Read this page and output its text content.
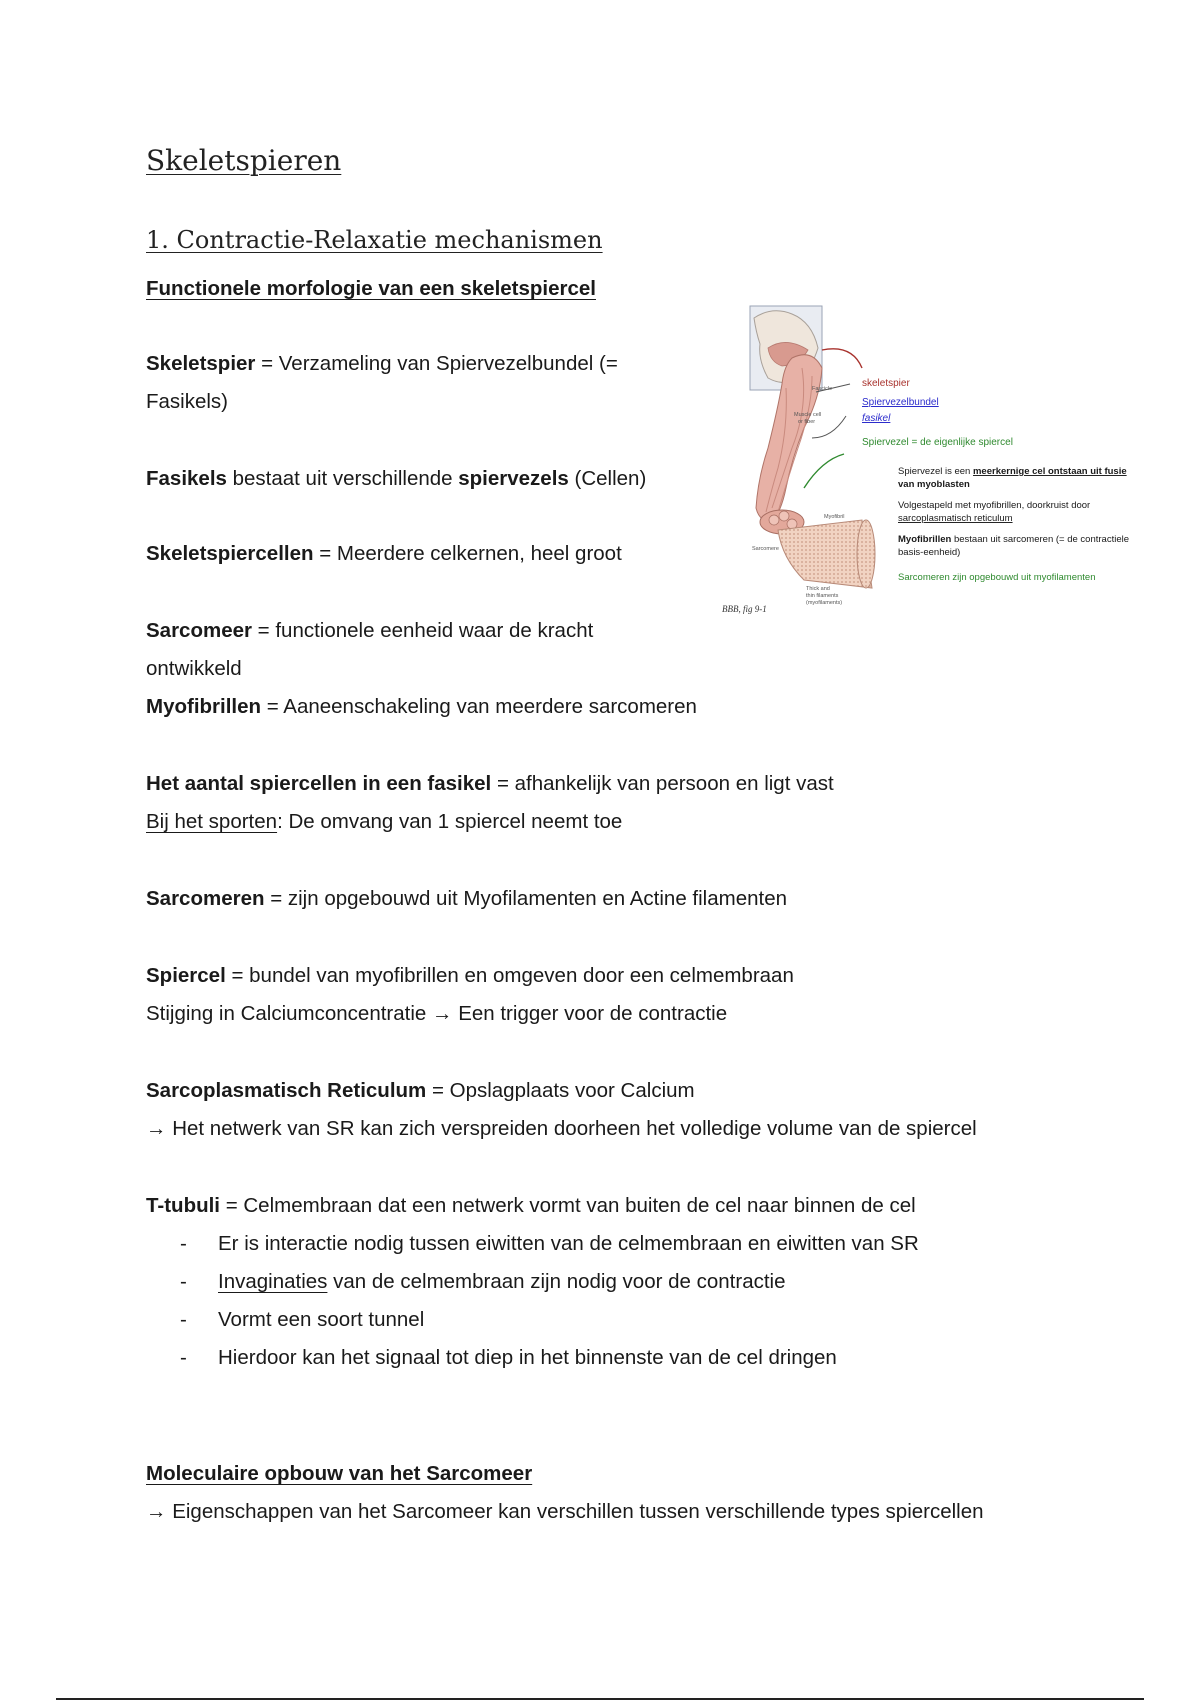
Skeletspieren
1. Contractie-Relaxatie mechanismen
Functionele morfologie van een skeletspiercel
Skeletspier = Verzameling van Spiervezelbundel (=
Fasikels)
Fasikels bestaat uit verschillende spiervezels (Cellen)
Skeletspiercellen = Meerdere celkernen, heel groot
Sarcomeer = functionele eenheid waar de kracht
ontwikkeld
Myofibrillen = Aaneenschakeling van meerdere sarcomeren
Het aantal spiercellen in een fasikel = afhankelijk van persoon en ligt vast
Bij het sporten: De omvang van 1 spiercel neemt toe
Sarcomeren = zijn opgebouwd uit Myofilamenten en Actine filamenten
Spiercel = bundel van myofibrillen en omgeven door een celmembraan
Stijging in Calciumconcentratie → Een trigger voor de contractie
Sarcoplasmatisch Reticulum = Opslagplaats voor Calcium
→ Het netwerk van SR kan zich verspreiden doorheen het volledige volume van de spiercel
T-tubuli = Celmembraan dat een netwerk vormt van buiten de cel naar binnen de cel
- Er is interactie nodig tussen eiwitten van de celmembraan en eiwitten van SR
- Invaginaties van de celmembraan zijn nodig voor de contractie
- Vormt een soort tunnel
- Hierdoor kan het signaal tot diep in het binnenste van de cel dringen
Moleculaire opbouw van het Sarcomeer
→ Eigenschappen van het Sarcomeer kan verschillen tussen verschillende types spiercellen
Fascicle
Muscle cell
or fiber
Myofibril
Sarcomere
Thick and
thin filaments
(myofilaments)
BBB, fig 9-1
skeletspier
Spiervezelbundel
fasikel
Spiervezel = de eigenlijke spiercel
Sarcomeren zijn opgebouwd uit myofilamenten
Spiervezel is een meerkernige cel ontstaan uit fusie
van myoblasten
Volgestapeld met myofibrillen, doorkruist door
sarcoplasmatisch reticulum
Myofibrillen bestaan uit sarcomeren (= de contractiele
basis-eenheid)
